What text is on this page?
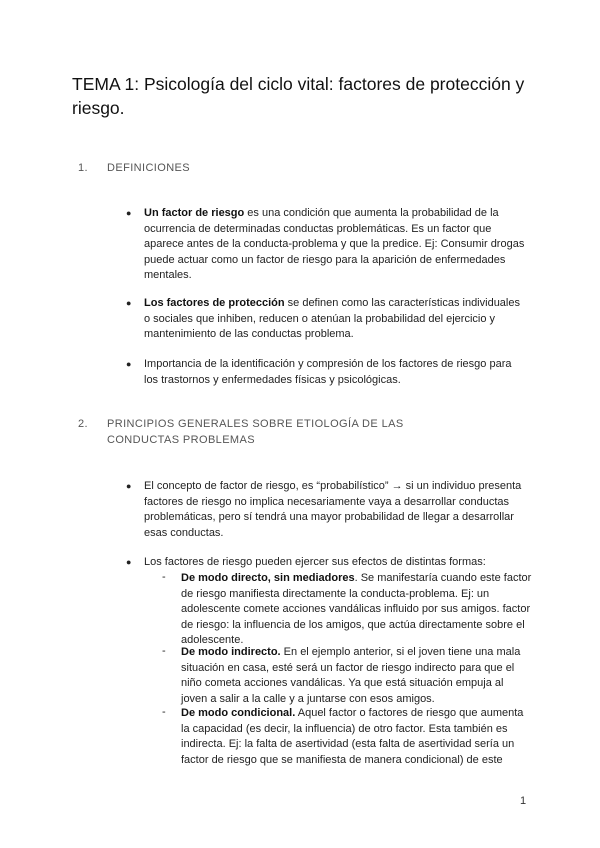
TEMA 1: Psicología del ciclo vital: factores de protección y riesgo.
1. DEFINICIONES
● Un factor de riesgo es una condición que aumenta la probabilidad de la ocurrencia de determinadas conductas problemáticas. Es un factor que aparece antes de la conducta-problema y que la predice. Ej: Consumir drogas puede actuar como un factor de riesgo para la aparición de enfermedades mentales.
● Los factores de protección se definen como las características individuales o sociales que inhiben, reducen o atenúan la probabilidad del ejercicio y mantenimiento de las conductas problema.
● Importancia de la identificación y compresión de los factores de riesgo para los trastornos y enfermedades físicas y psicológicas.
2. PRINCIPIOS GENERALES SOBRE ETIOLOGÍA DE LAS CONDUCTAS PROBLEMAS
● El concepto de factor de riesgo, es “probabilístico” → si un individuo presenta factores de riesgo no implica necesariamente vaya a desarrollar conductas problemáticas, pero sí tendrá una mayor probabilidad de llegar a desarrollar esas conductas.
● Los factores de riesgo pueden ejercer sus efectos de distintas formas:
- De modo directo, sin mediadores. Se manifestaría cuando este factor de riesgo manifiesta directamente la conducta-problema. Ej: un adolescente comete acciones vandálicas influido por sus amigos. factor de riesgo: la influencia de los amigos, que actúa directamente sobre el adolescente.
- De modo indirecto. En el ejemplo anterior, si el joven tiene una mala situación en casa, esté será un factor de riesgo indirecto para que el niño cometa acciones vandálicas. Ya que está situación empuja al joven a salir a la calle y a juntarse con esos amigos.
- De modo condicional. Aquel factor o factores de riesgo que aumenta la capacidad (es decir, la influencia) de otro factor. Esta también es indirecta. Ej: la falta de asertividad (esta falta de asertividad sería un factor de riesgo que se manifiesta de manera condicional) de este
1
